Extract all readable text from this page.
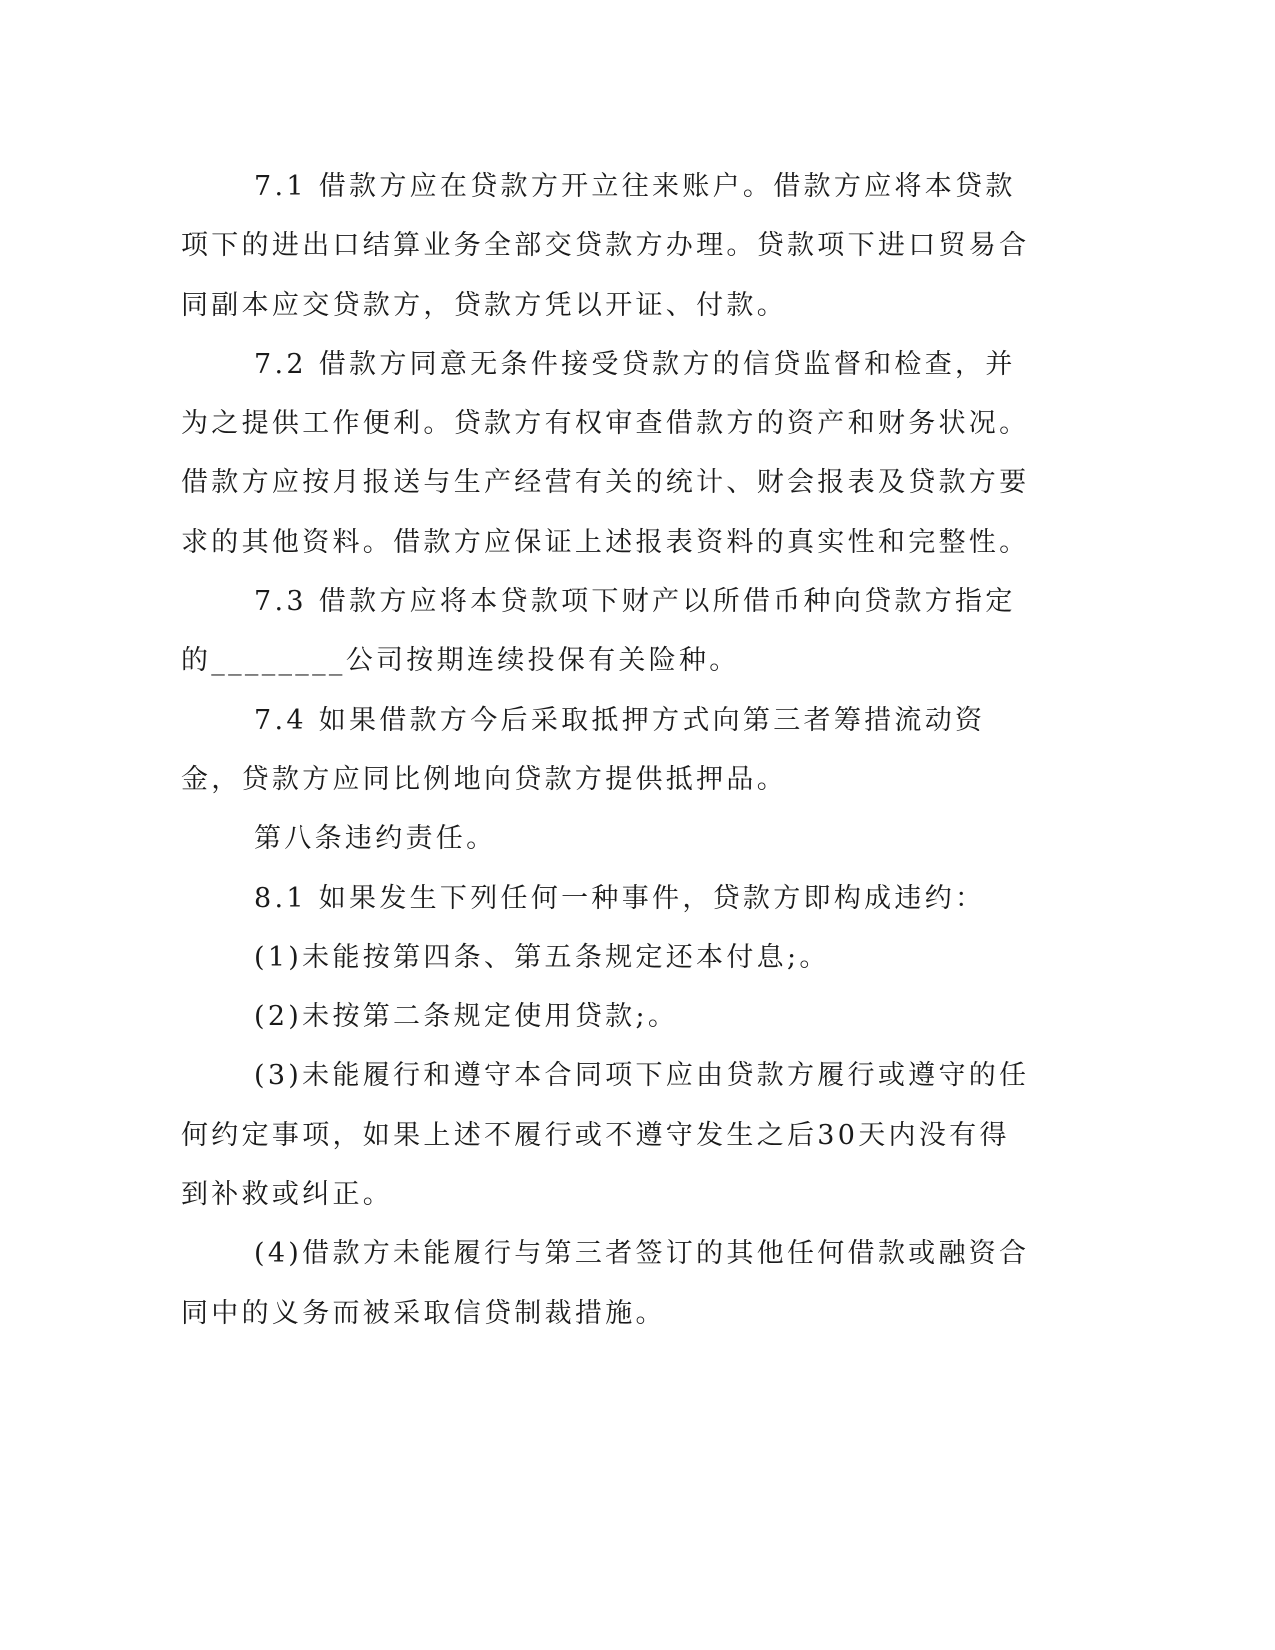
7.1 借款方应在贷款方开立往来账户。借款方应将本贷款项下的进出口结算业务全部交贷款方办理。贷款项下进口贸易合同副本应交贷款方，贷款方凭以开证、付款。

7.2 借款方同意无条件接受贷款方的信贷监督和检查，并为之提供工作便利。贷款方有权审查借款方的资产和财务状况。借款方应按月报送与生产经营有关的统计、财会报表及贷款方要求的其他资料。借款方应保证上述报表资料的真实性和完整性。

7.3 借款方应将本贷款项下财产以所借币种向贷款方指定的________公司按期连续投保有关险种。

7.4 如果借款方今后采取抵押方式向第三者筹措流动资金，贷款方应同比例地向贷款方提供抵押品。

第八条违约责任。

8.1 如果发生下列任何一种事件，贷款方即构成违约：

(1)未能按第四条、第五条规定还本付息;。

(2)未按第二条规定使用贷款;。

(3)未能履行和遵守本合同项下应由贷款方履行或遵守的任何约定事项，如果上述不履行或不遵守发生之后30天内没有得到补救或纠正。

(4)借款方未能履行与第三者签订的其他任何借款或融资合同中的义务而被采取信贷制裁措施。
